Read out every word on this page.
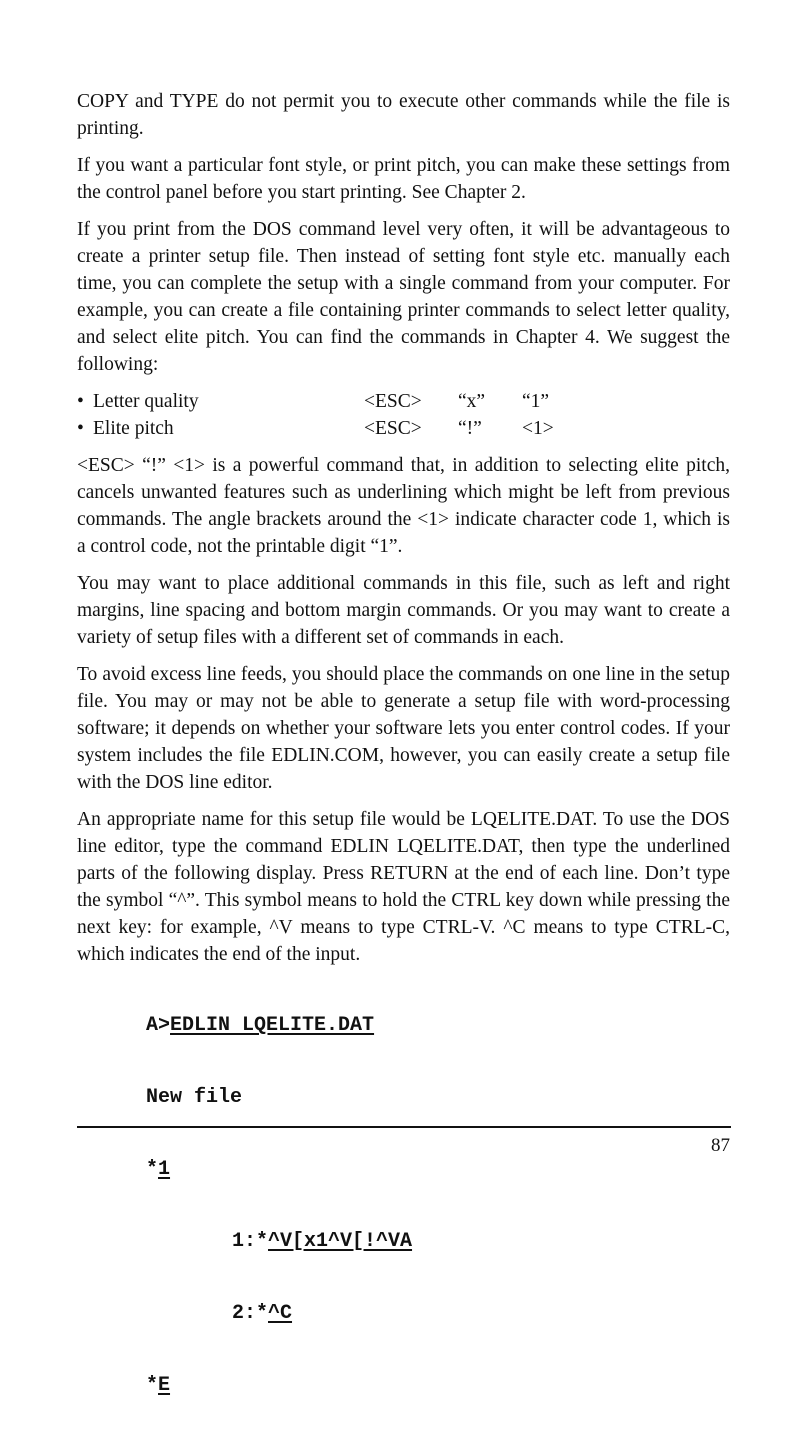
COPY and TYPE do not permit you to execute other commands while the file is printing.

If you want a particular font style, or print pitch, you can make these settings from the control panel before you start printing. See Chapter 2.

If you print from the DOS command level very often, it will be advantageous to create a printer setup file. Then instead of setting font style etc. manually each time, you can complete the setup with a single command from your computer. For example, you can create a file containing printer commands to select letter quality, and select elite pitch. You can find the commands in Chapter 4. We suggest the following:

• Letter quality	<ESC>	“x”	“1”
• Elite pitch	<ESC>	“!”	<1>

<ESC> “!” <1> is a powerful command that, in addition to selecting elite pitch, cancels unwanted features such as underlining which might be left from previous commands. The angle brackets around the <1> indicate character code 1, which is a control code, not the printable digit “1”.

You may want to place additional commands in this file, such as left and right margins, line spacing and bottom margin commands. Or you may want to create a variety of setup files with a different set of commands in each.

To avoid excess line feeds, you should place the commands on one line in the setup file. You may or may not be able to generate a setup file with word-processing software; it depends on whether your software lets you enter control codes. If your system includes the file EDLIN.COM, however, you can easily create a setup file with the DOS line editor.

An appropriate name for this setup file would be LQELITE.DAT. To use the DOS line editor, type the command EDLIN LQELITE.DAT, then type the underlined parts of the following display. Press RETURN at the end of each line. Don’t type the symbol “^”. This symbol means to hold the CTRL key down while pressing the next key: for example, ^V means to type CTRL-V. ^C means to type CTRL-C, which indicates the end of the input.

A>EDLIN LQELITE.DAT

New file

*1

1:*^V[x1^V[!^VA

2:*^C

*E

87
